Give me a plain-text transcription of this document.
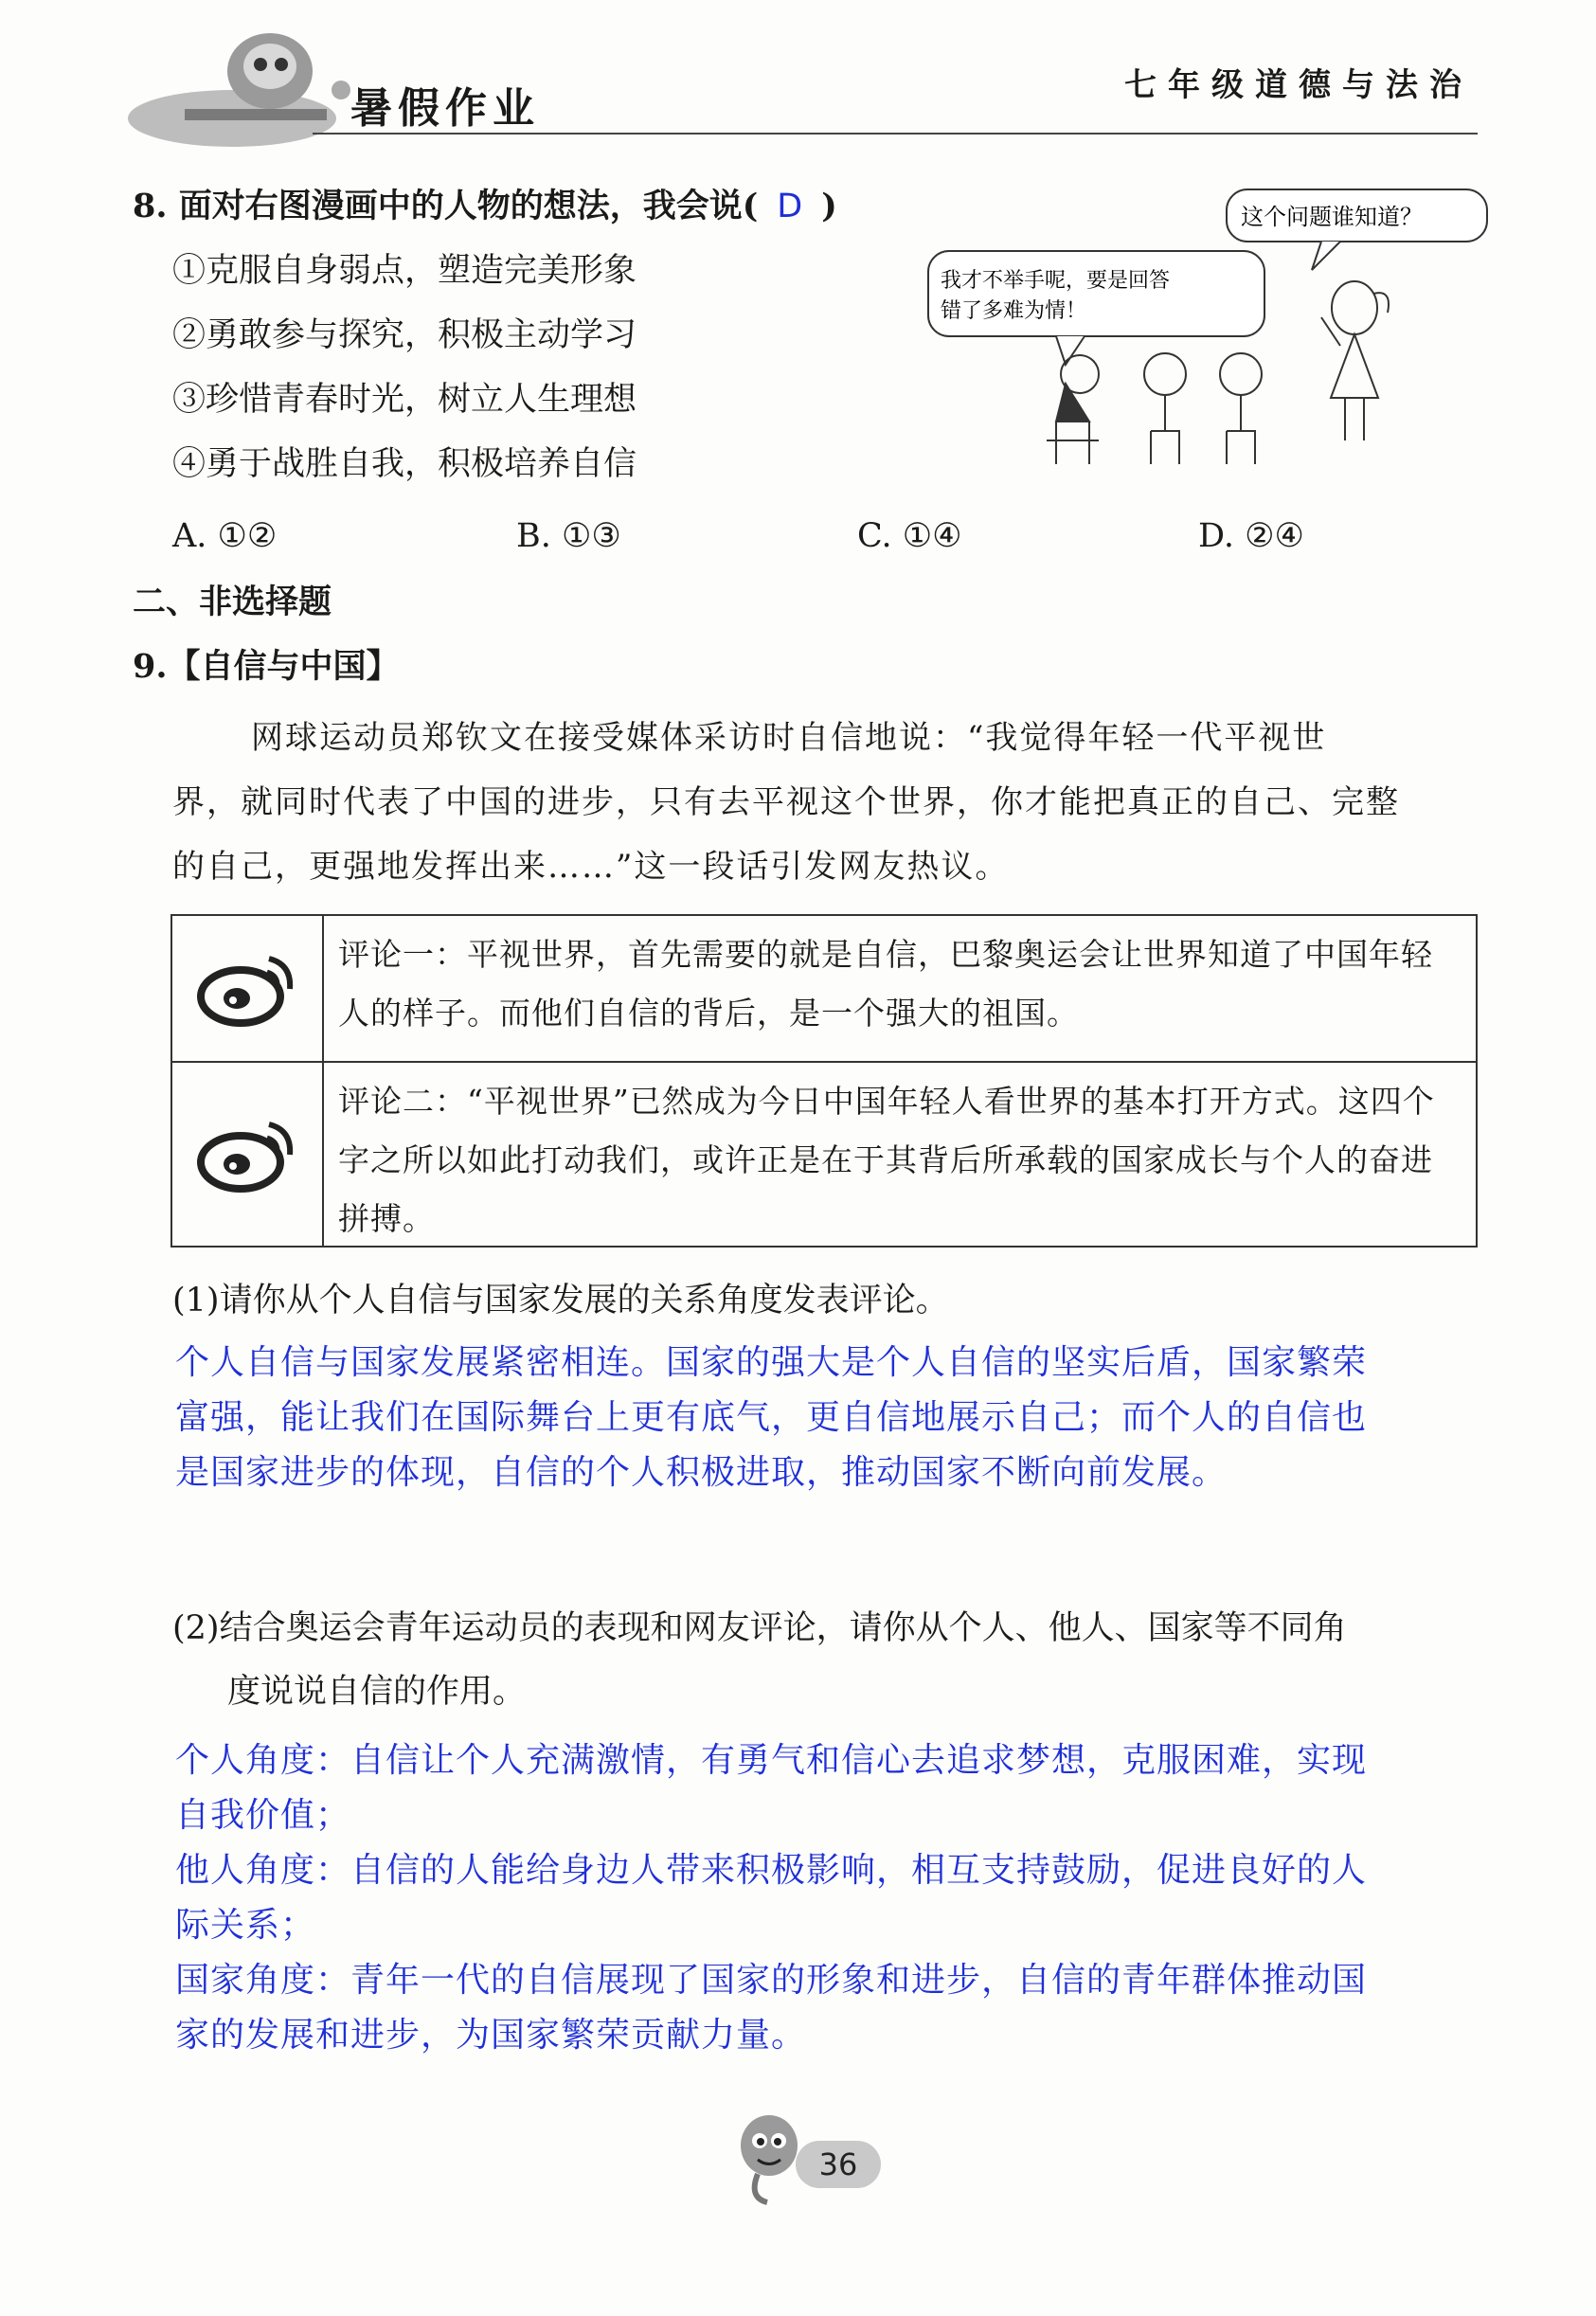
暑假作业	七年级道德与法治
8. 面对右图漫画中的人物的想法，我会说( D )
①克服自身弱点，塑造完美形象
②勇敢参与探究，积极主动学习
③珍惜青春时光，树立人生理想
④勇于战胜自我，积极培养自信
A. ①②	B. ①③	C. ①④	D. ②④
这个问题谁知道？
我才不举手呢，要是回答
错了多难为情！
二、非选择题
9.【自信与中国】
网球运动员郑钦文在接受媒体采访时自信地说：“我觉得年轻一代平视世
界，就同时代表了中国的进步，只有去平视这个世界，你才能把真正的自己、完整
的自己，更强地发挥出来……”这一段话引发网友热议。
评论一：平视世界，首先需要的就是自信，巴黎奥运会让世界知道了中国年轻人的样子。而他们自信的背后，是一个强大的祖国。
评论二：“平视世界”已然成为今日中国年轻人看世界的基本打开方式。这四个字之所以如此打动我们，或许正是在于其背后所承载的国家成长与个人的奋进拼搏。
(1)请你从个人自信与国家发展的关系角度发表评论。
个人自信与国家发展紧密相连。国家的强大是个人自信的坚实后盾，国家繁荣
富强，能让我们在国际舞台上更有底气，更自信地展示自己；而个人的自信也
是国家进步的体现，自信的个人积极进取，推动国家不断向前发展。
(2)结合奥运会青年运动员的表现和网友评论，请你从个人、他人、国家等不同角
度说说自信的作用。
个人角度：自信让个人充满激情，有勇气和信心去追求梦想，克服困难，实现
自我价值；
他人角度：自信的人能给身边人带来积极影响，相互支持鼓励，促进良好的人
际关系；
国家角度：青年一代的自信展现了国家的形象和进步，自信的青年群体推动国
家的发展和进步，为国家繁荣贡献力量。
36
